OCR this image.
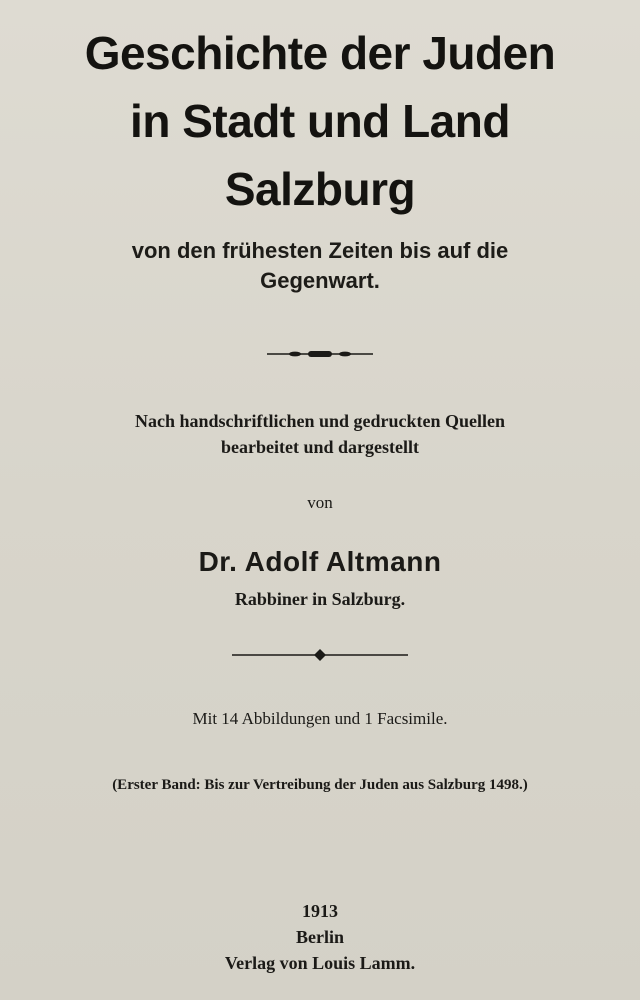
Geschichte der Juden
in Stadt und Land
Salzburg
von den frühesten Zeiten bis auf die
Gegenwart.
Nach handschriftlichen und gedruckten Quellen
bearbeitet und dargestellt
von
Dr. Adolf Altmann
Rabbiner in Salzburg.
Mit 14 Abbildungen und 1 Facsimile.
(Erster Band: Bis zur Vertreibung der Juden aus Salzburg 1498.)
1913
Berlin
Verlag von Louis Lamm.
